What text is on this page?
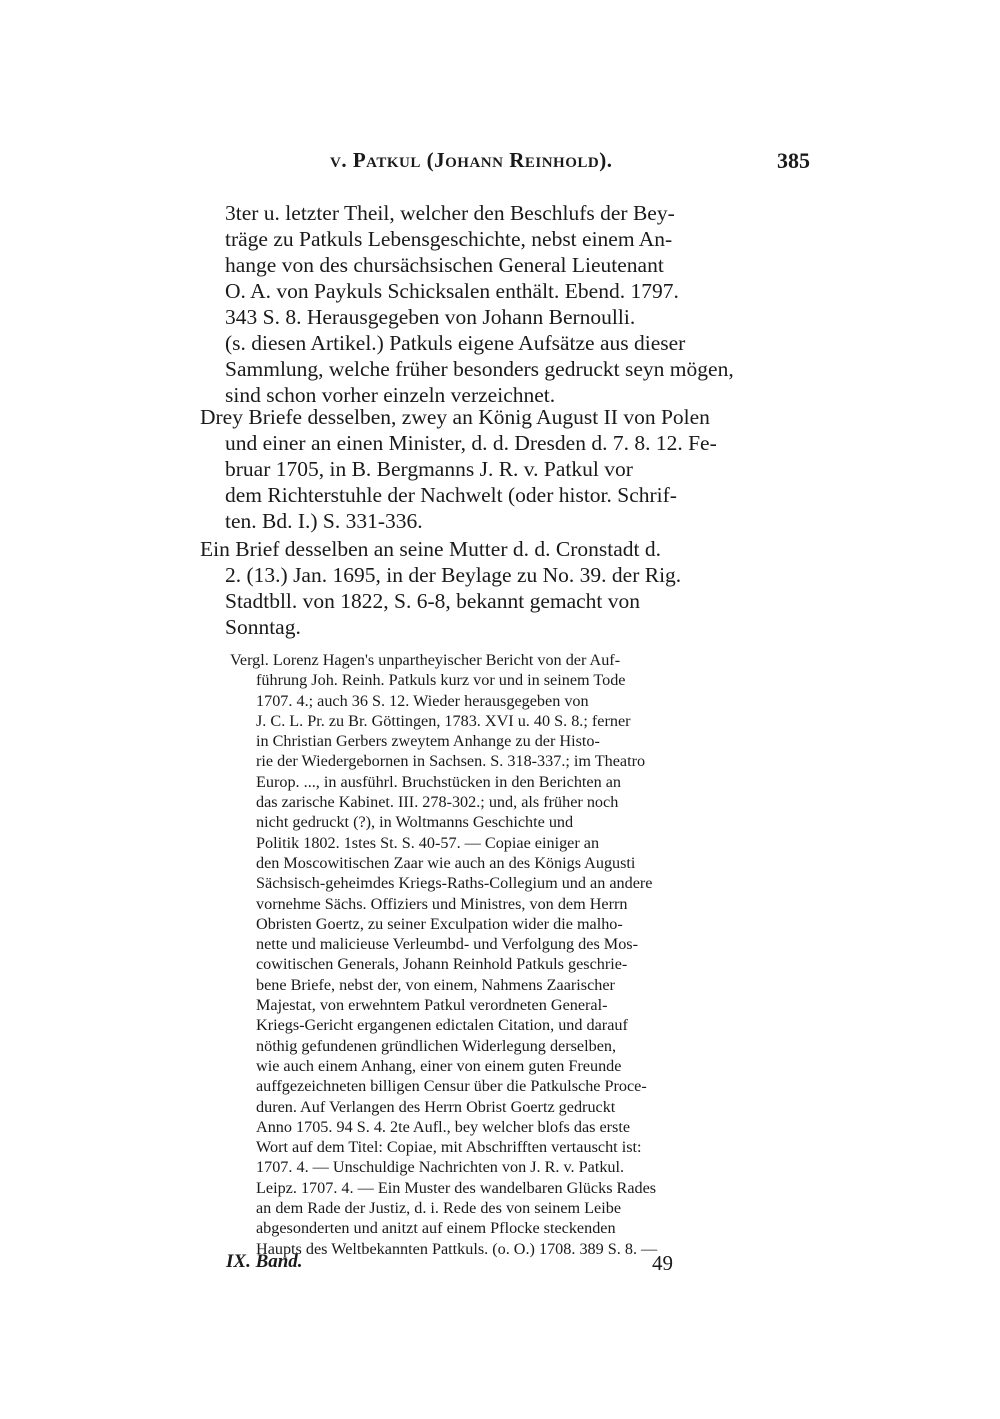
v. Patkul (Johann Reinhold).	385
3ter u. letzter Theil, welcher den Beschlufs der Bey-
träge zu Patkuls Lebensgeschichte, nebst einem An-
hange von des chursächsischen General Lieutenant
O. A. von Paykuls Schicksalen enthält. Ebend. 1797.
343 S. 8. Herausgegeben von Johann Bernoulli.
(s. diesen Artikel.) Patkuls eigene Aufsätze aus dieser
Sammlung, welche früher besonders gedruckt seyn mögen,
sind schon vorher einzeln verzeichnet.
Drey Briefe desselben, zwey an König August II von Polen
und einer an einen Minister, d. d. Dresden d. 7. 8. 12. Fe-
bruar 1705, in B. Bergmanns J. R. v. Patkul vor
dem Richterstuhle der Nachwelt (oder histor. Schrif-
ten. Bd. I.) S. 331-336.
Ein Brief desselben an seine Mutter d. d. Cronstadt d.
2. (13.) Jan. 1695, in der Beylage zu No. 39. der Rig.
Stadtbll. von 1822, S. 6-8, bekannt gemacht von
Sonntag.
Vergl. Lorenz Hagen's unpartheyischer Bericht von der Auf-
führung Joh. Reinh. Patkuls kurz vor und in seinem Tode
1707. 4.; auch 36 S. 12. Wieder herausgegeben von
J. C. L. Pr. zu Br. Göttingen, 1783. XVI u. 40 S. 8.; ferner
in Christian Gerbers zweytem Anhange zu der Histo-
rie der Wiedergebornen in Sachsen. S. 318-337.; im Theatro
Europ. ..., in ausführl. Bruchstücken in den Berichten an
das zarische Kabinet. III. 278-302.; und, als früher noch
nicht gedruckt (?), in Woltmanns Geschichte und
Politik 1802. 1stes St. S. 40-57. — Copiae einiger an
den Moscowitischen Zaar wie auch an des Königs Augusti
Sächsisch-geheimdes Kriegs-Raths-Collegium und an andere
vornehme Sächs. Offiziers und Ministres, von dem Herrn
Obristen Goertz, zu seiner Exculpation wider die malho-
nette und malicieuse Verleumbd- und Verfolgung des Mos-
cowitischen Generals, Johann Reinhold Patkuls geschrie-
bene Briefe, nebst der, von einem, Nahmens Zaarischer
Majestat, von erwehntem Patkul verordneten General-
Kriegs-Gericht ergangenen edictalen Citation, und darauf
nöthig gefundenen gründlichen Widerlegung derselben,
wie auch einem Anhang, einer von einem guten Freunde
auffgezeichneten billigen Censur über die Patkulsche Proce-
duren. Auf Verlangen des Herrn Obrist Goertz gedruckt
Anno 1705. 94 S. 4. 2te Aufl., bey welcher blofs das erste
Wort auf dem Titel: Copiae, mit Abschrifften vertauscht ist:
1707. 4. — Unschuldige Nachrichten von J. R. v. Patkul.
Leipz. 1707. 4. — Ein Muster des wandelbaren Glücks Rades
an dem Rade der Justiz, d. i. Rede des von seinem Leibe
abgesonderten und anitzt auf einem Pflocke steckenden
Haupts des Weltbekannten Pattkuls. (o. O.) 1708. 389 S. 8. —
IX. Band.	49
